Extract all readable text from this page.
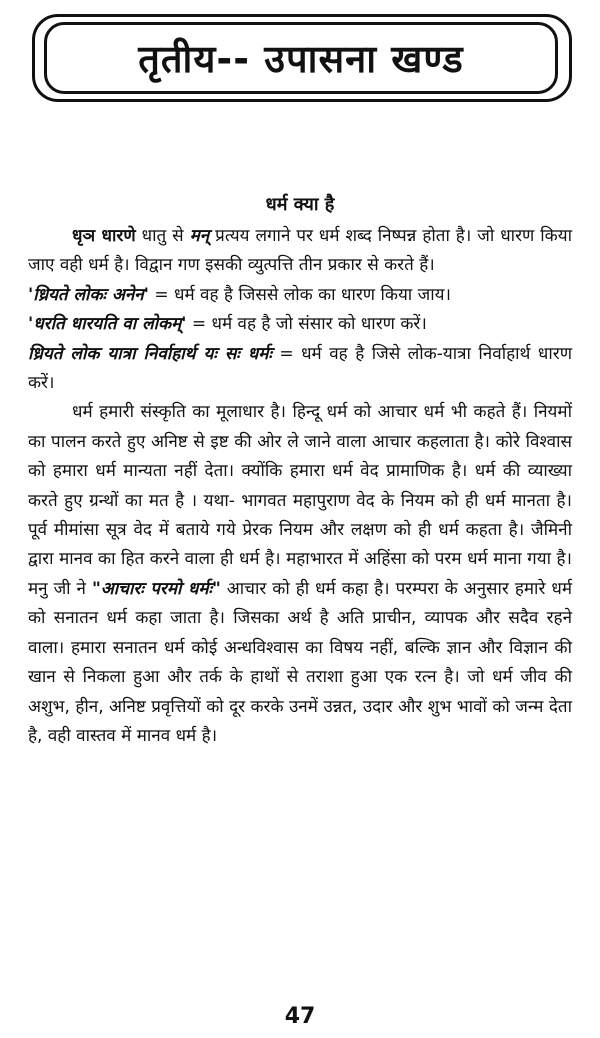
तृतीय-- उपासना खण्ड
धर्म क्या है

धृञ धारणे धातु से मन् प्रत्यय लगाने पर धर्म शब्द निष्पन्न होता है। जो धारण किया जाए वही धर्म है। विद्वान गण इसकी व्युत्पत्ति तीन प्रकार से करते हैं।

'ध्रियते लोकः अनेन' = धर्म वह है जिससे लोक का धारण किया जाय।

'धरति धारयति वा लोकम्' = धर्म वह है जो संसार को धारण करें।

ध्रियते लोक यात्रा निर्वाहार्थ यः सः धर्मः = धर्म वह है जिसे लोक-यात्रा निर्वाहार्थ धारण करें।

धर्म हमारी संस्कृति का मूलाधार है। हिन्दू धर्म को आचार धर्म भी कहते हैं। नियमों का पालन करते हुए अनिष्ट से इष्ट की ओर ले जाने वाला आचार कहलाता है। कोरे विश्वास को हमारा धर्म मान्यता नहीं देता। क्योंकि हमारा धर्म वेद प्रामाणिक है। धर्म की व्याख्या करते हुए ग्रन्थों का मत है । यथा- भागवत महापुराण वेद के नियम को ही धर्म मानता है। पूर्व मीमांसा सूत्र वेद में बताये गये प्रेरक नियम और लक्षण को ही धर्म कहता है। जैमिनी द्वारा मानव का हित करने वाला ही धर्म है। महाभारत में अहिंसा को परम धर्म माना गया है। मनु जी ने "आचारः परमो धर्मः" आचार को ही धर्म कहा है। परम्परा के अनुसार हमारे धर्म को सनातन धर्म कहा जाता है। जिसका अर्थ है अति प्राचीन, व्यापक और सदैव रहने वाला। हमारा सनातन धर्म कोई अन्धविश्वास का विषय नहीं, बल्कि ज्ञान और विज्ञान की खान से निकला हुआ और तर्क के हाथों से तराशा हुआ एक रत्न है। जो धर्म जीव की अशुभ, हीन, अनिष्ट प्रवृत्तियों को दूर करके उनमें उन्नत, उदार और शुभ भावों को जन्म देता है, वही वास्तव में मानव धर्म है।

47
